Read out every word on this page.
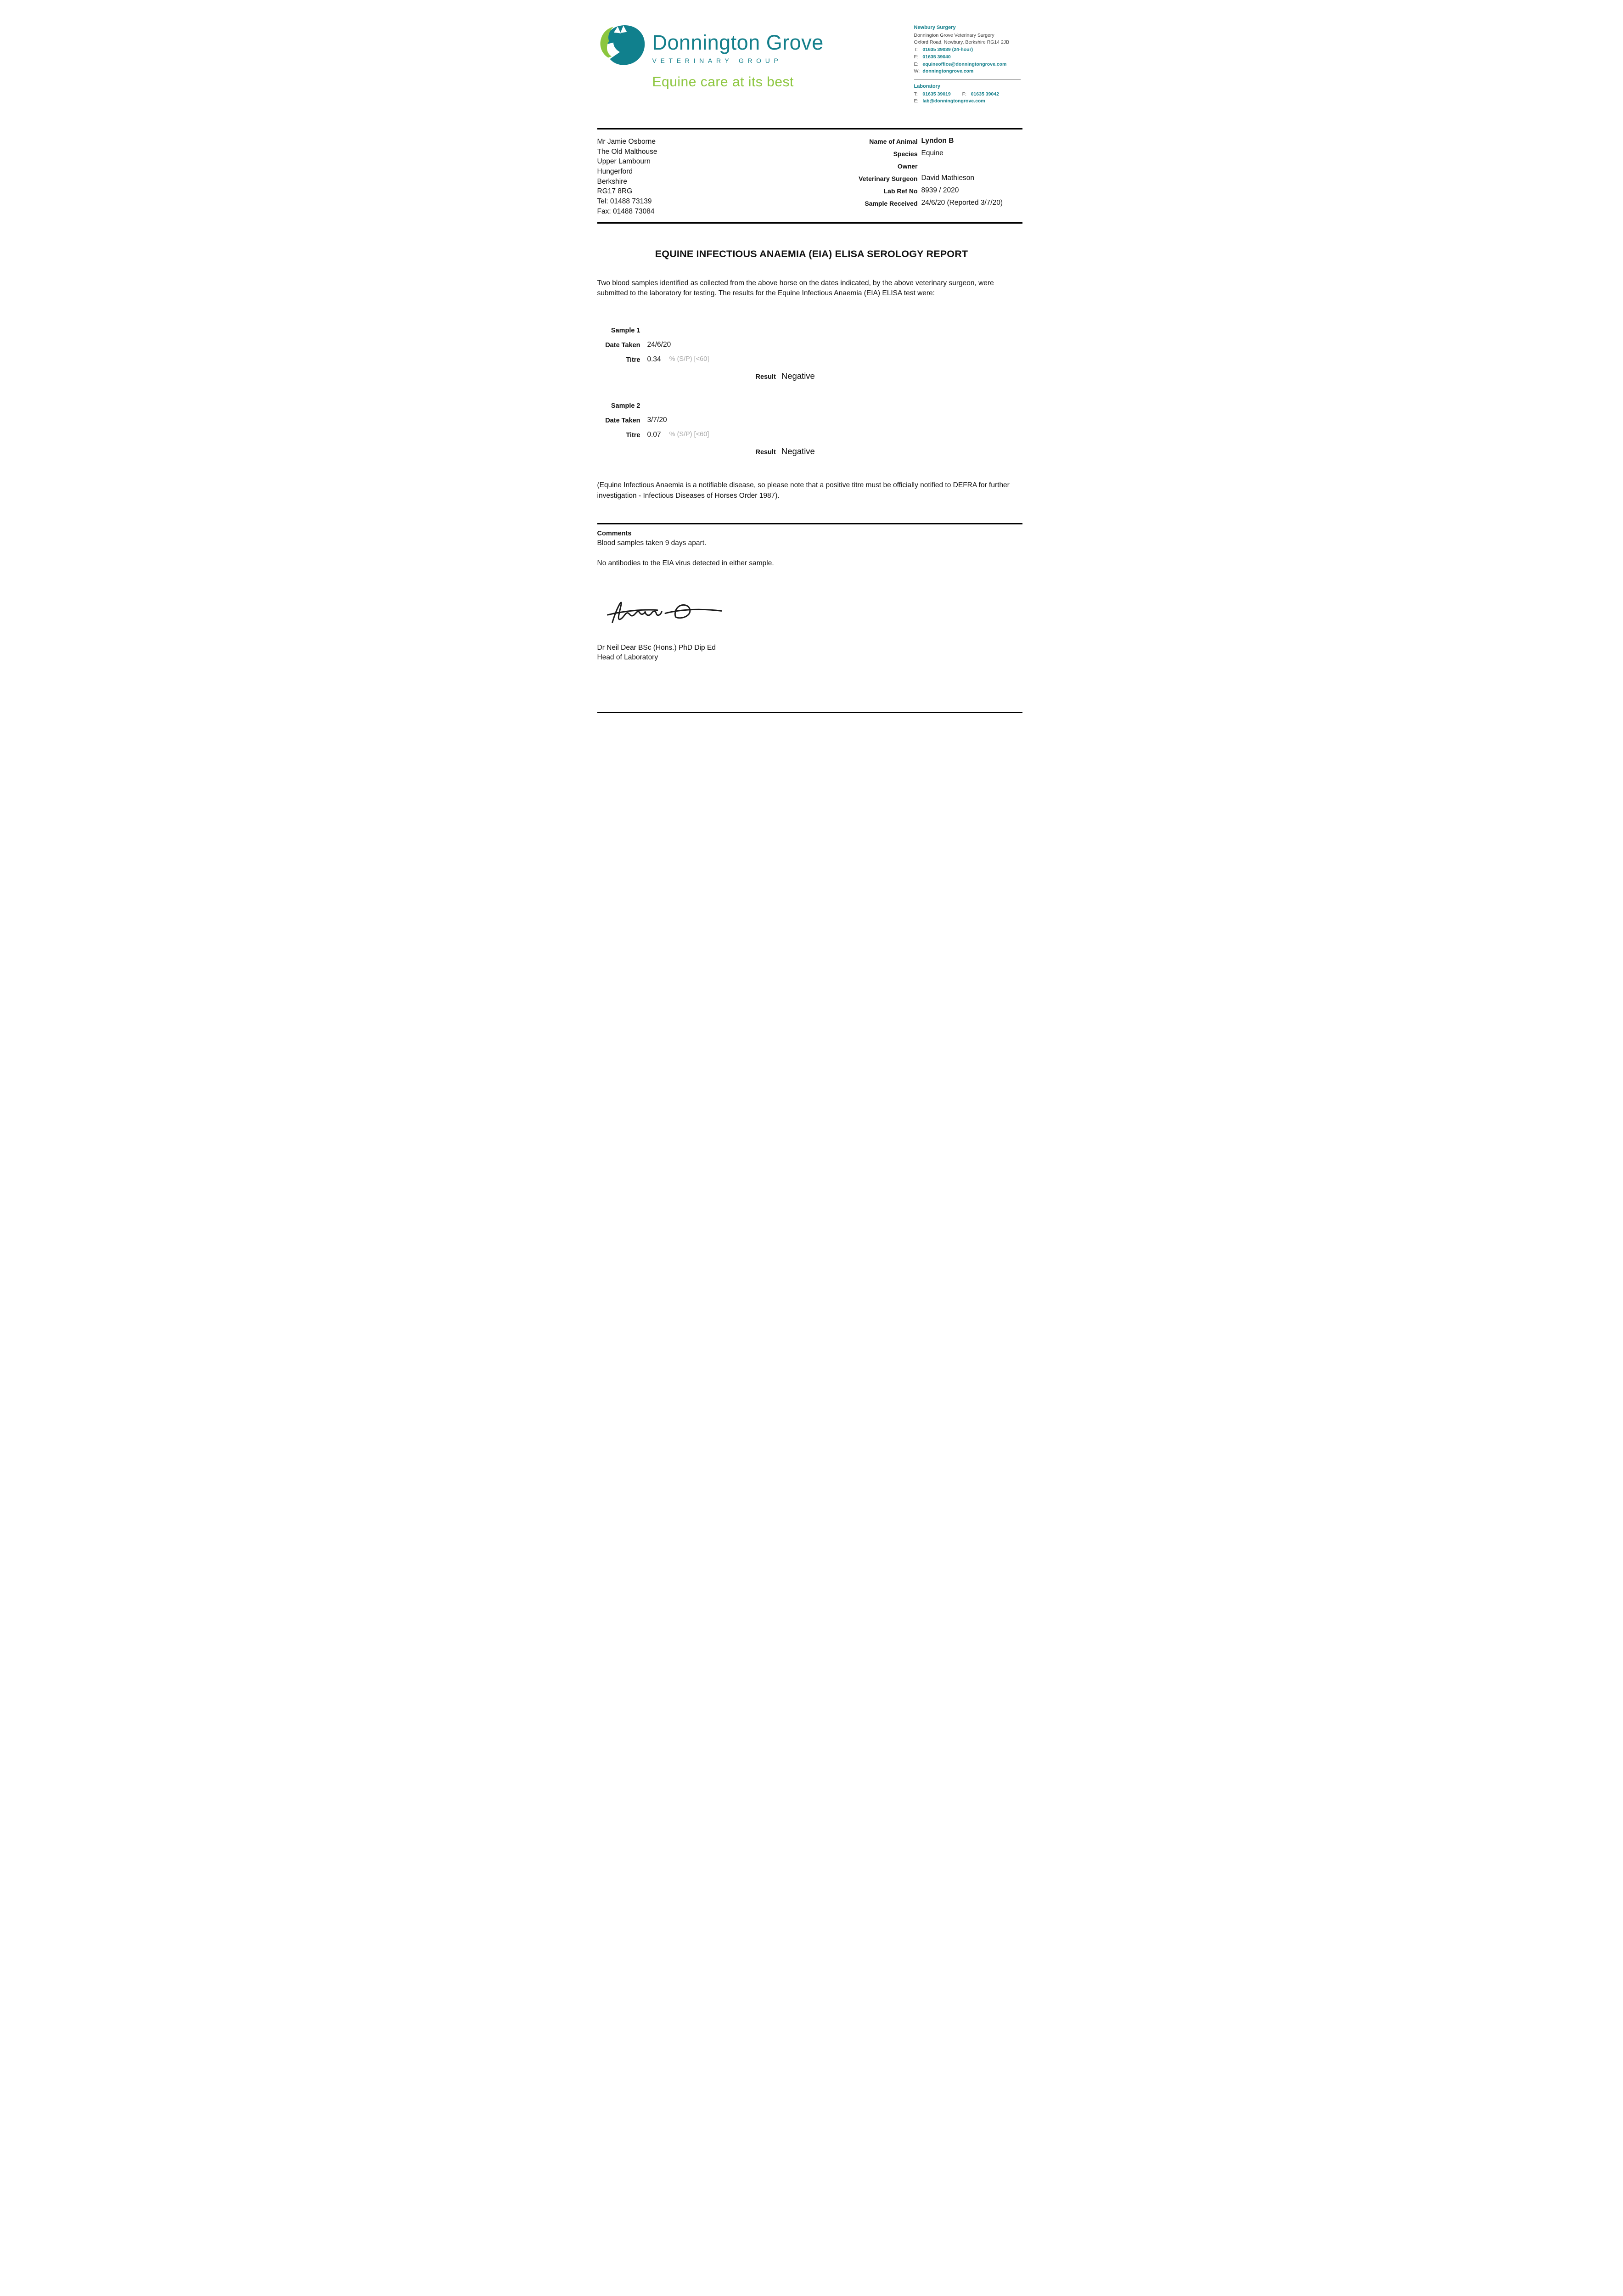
Donnington Grove
VETERINARY GROUP
Equine care at its best
Newbury Surgery
Donnington Grove Veterinary Surgery
Oxford Road, Newbury, Berkshire RG14 2JB
T: 01635 39039 (24-hour)
F: 01635 39040
E: equineoffice@donningtongrove.com
W: donningtongrove.com
Laboratory
T: 01635 39019 F: 01635 39042
E: lab@donningtongrove.com
Mr Jamie Osborne
The Old Malthouse
Upper Lambourn
Hungerford
Berkshire
RG17 8RG
Tel: 01488 73139
Fax: 01488 73084
Name of Animal Lyndon B
Species Equine
Owner
Veterinary Surgeon David Mathieson
Lab Ref No 8939 / 2020
Sample Received 24/6/20 (Reported 3/7/20)
EQUINE INFECTIOUS ANAEMIA (EIA) ELISA SEROLOGY REPORT

Two blood samples identified as collected from the above horse on the dates indicated, by the above veterinary surgeon, were submitted to the laboratory for testing. The results for the Equine Infectious Anaemia (EIA) ELISA test were:

Sample 1
Date Taken 24/6/20
Titre 0.34 % (S/P) [<60]
Result Negative
Sample 2
Date Taken 3/7/20
Titre 0.07 % (S/P) [<60]
Result Negative

(Equine Infectious Anaemia is a notifiable disease, so please note that a positive titre must be officially notified to DEFRA for further investigation - Infectious Diseases of Horses Order 1987).

Comments

Blood samples taken 9 days apart.

No antibodies to the EIA virus detected in either sample.

Dr Neil Dear BSc (Hons.) PhD Dip Ed
Head of Laboratory
